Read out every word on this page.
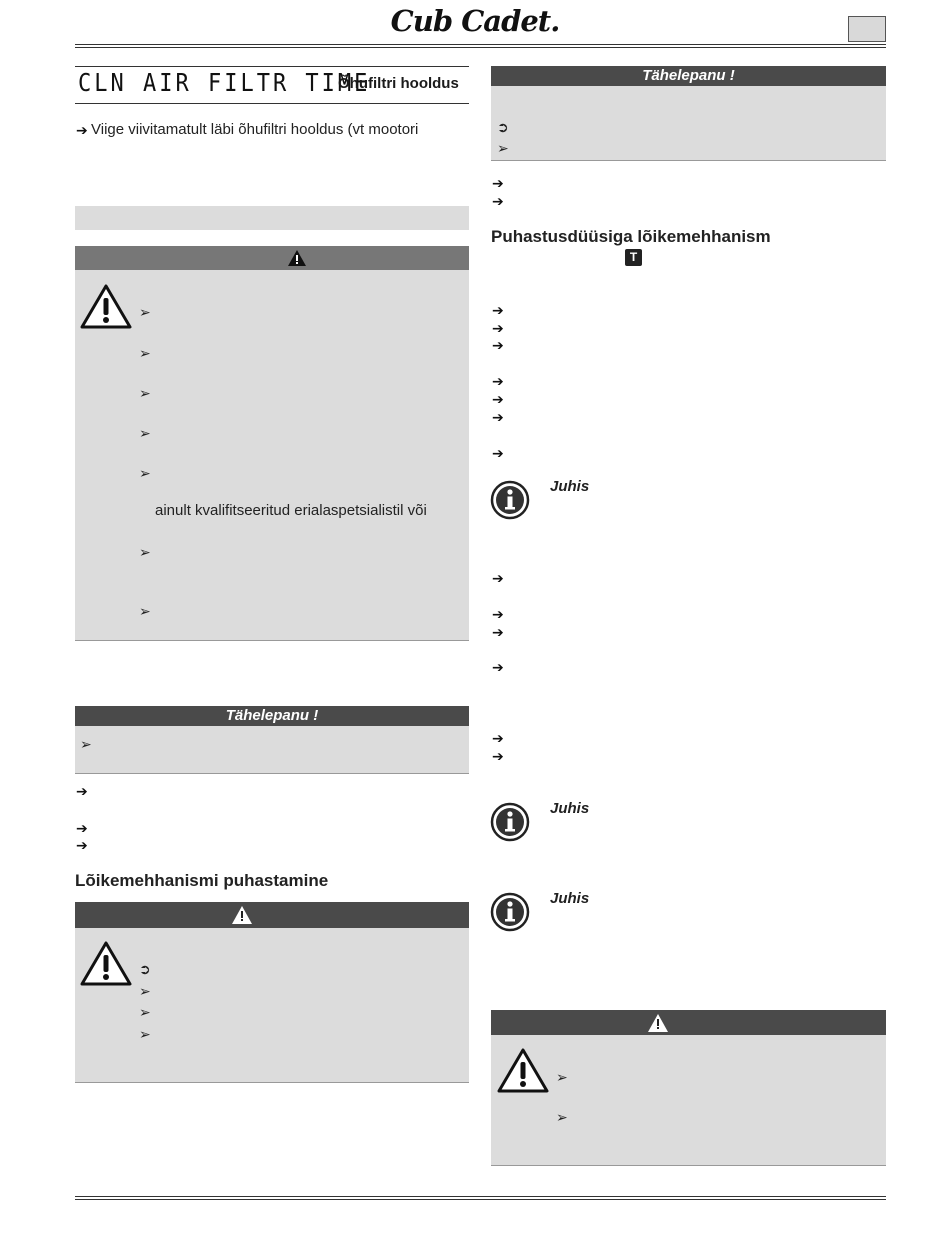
Cub Cadet.
CLN AIR FILTR TIME
Õhufiltri hooldus
➔ Viige viivitamatult läbi õhufiltri hooldus (vt mootori
➢
➢
➢
➢
➢
ainult kvalifitseeritud erialaspetsialistil või
➢
➢
Tähelepanu !
➢
➔
➔
➔
Lõikemehhanismi puhastamine
➲
➢
➢
➢
Tähelepanu !
➲
➢
➔
➔
Puhastusdüüsiga lõikemehhanism
T
➔
➔
➔
➔
➔
➔
➔
Juhis
➔
➔
➔
➔
➔
➔
Juhis
Juhis
➢
➢
